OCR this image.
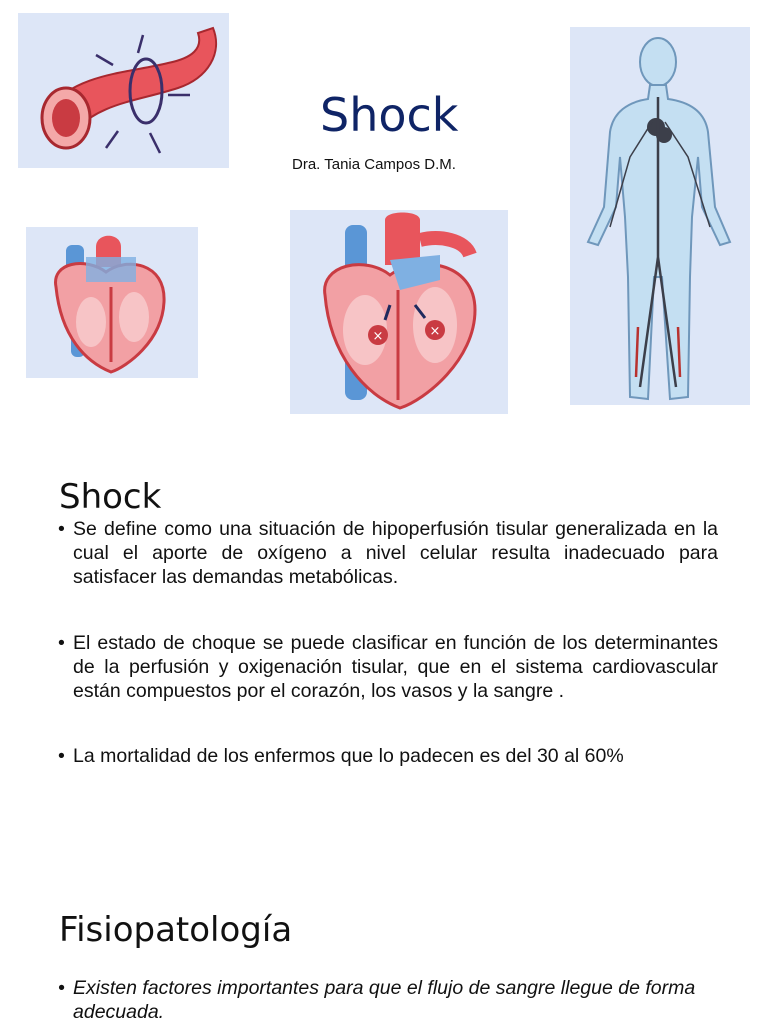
×	×
Shock
Dra. Tania Campos D.M.
Shock
• Se define como una situación de hipoperfusión tisular generalizada en la cual el aporte de oxígeno a nivel celular resulta inadecuado para satisfacer las demandas metabólicas.
• El estado de choque se puede clasificar en función de los determinantes de la perfusión y oxigenación tisular, que en el sistema cardiovascular están compuestos por el corazón, los vasos y la sangre .
• La mortalidad de los enfermos que lo padecen es del 30 al 60%
Fisiopatología
• Existen factores importantes para que el flujo de sangre llegue de forma adecuada.
